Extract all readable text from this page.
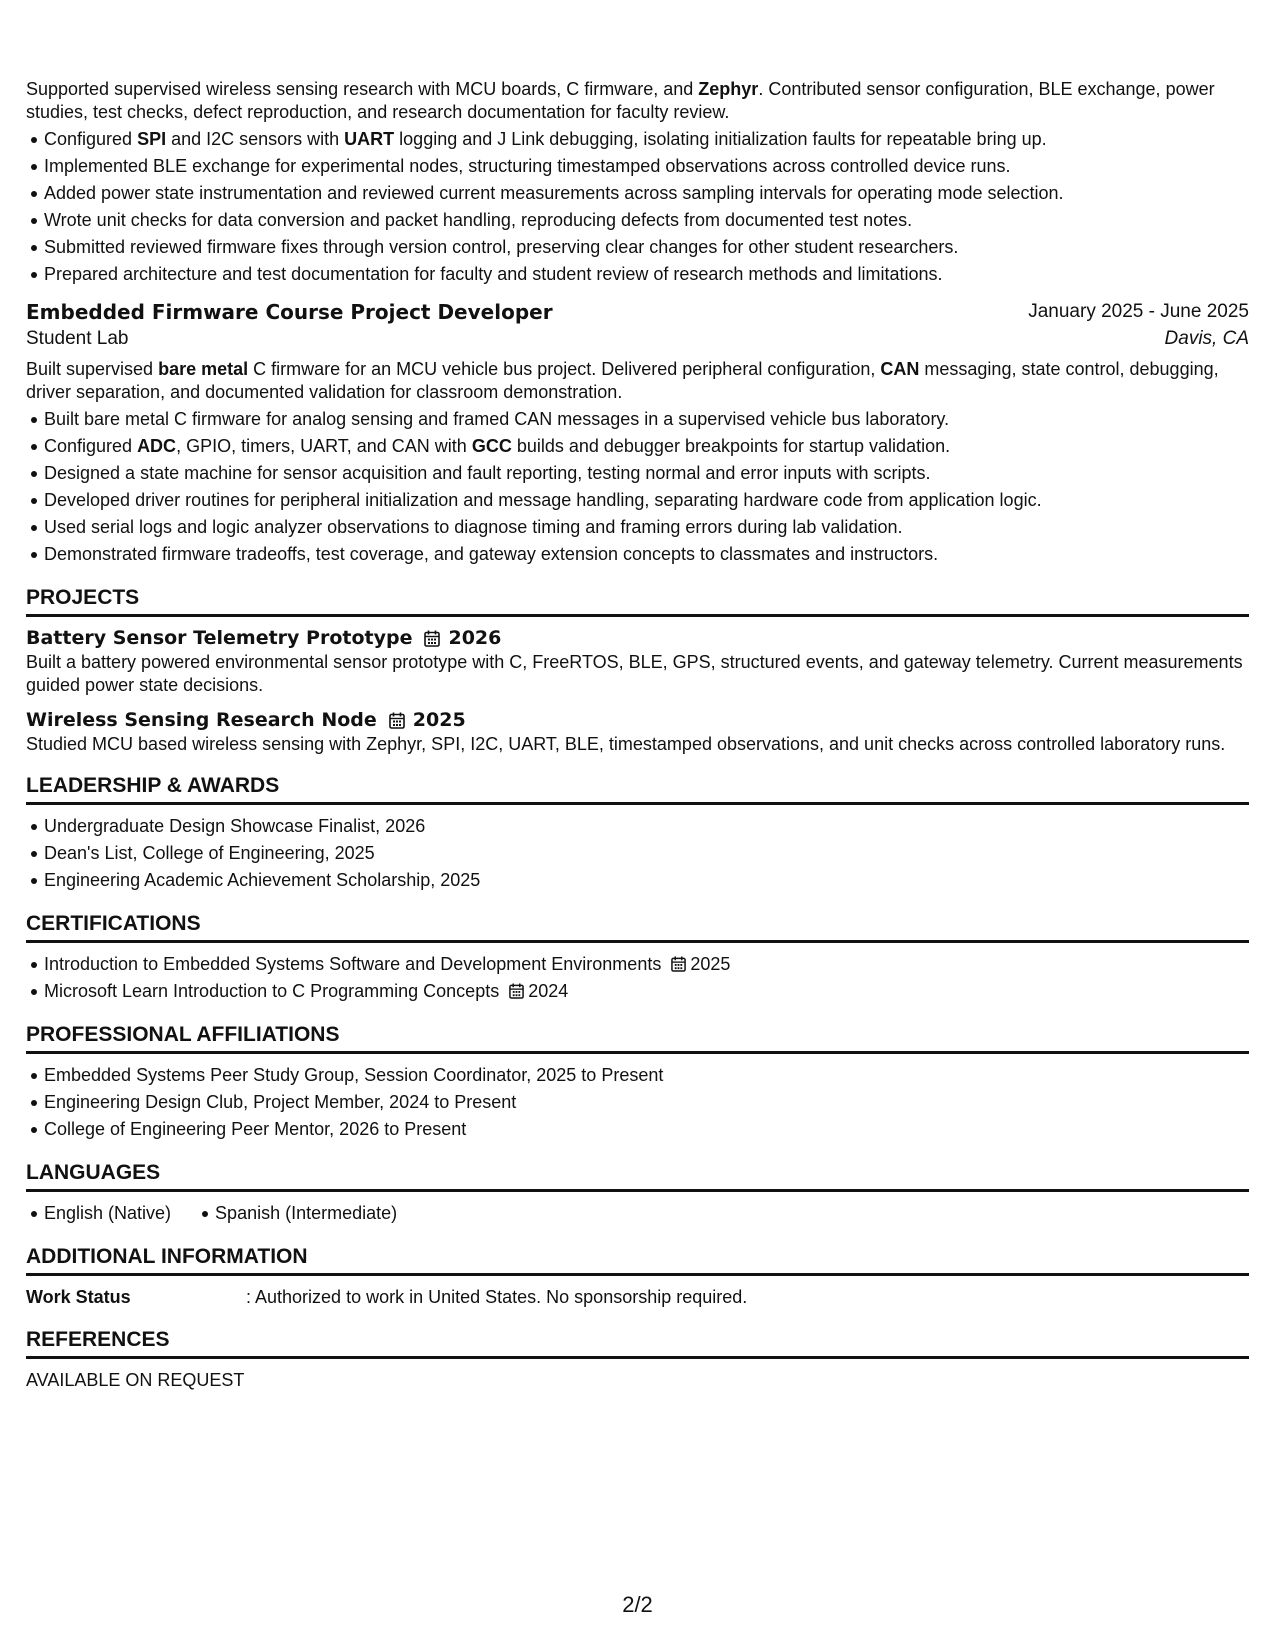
Supported supervised wireless sensing research with MCU boards, C firmware, and Zephyr. Contributed sensor configuration, BLE exchange, power studies, test checks, defect reproduction, and research documentation for faculty review.

Configured SPI and I2C sensors with UART logging and J Link debugging, isolating initialization faults for repeatable bring up.
Implemented BLE exchange for experimental nodes, structuring timestamped observations across controlled device runs.
Added power state instrumentation and reviewed current measurements across sampling intervals for operating mode selection.
Wrote unit checks for data conversion and packet handling, reproducing defects from documented test notes.
Submitted reviewed firmware fixes through version control, preserving clear changes for other student researchers.
Prepared architecture and test documentation for faculty and student review of research methods and limitations.
Embedded Firmware Course Project Developer	January 2025 - June 2025
Student Lab	Davis, CA

Built supervised bare metal C firmware for an MCU vehicle bus project. Delivered peripheral configuration, CAN messaging, state control, debugging, driver separation, and documented validation for classroom demonstration.

Built bare metal C firmware for analog sensing and framed CAN messages in a supervised vehicle bus laboratory.
Configured ADC, GPIO, timers, UART, and CAN with GCC builds and debugger breakpoints for startup validation.
Designed a state machine for sensor acquisition and fault reporting, testing normal and error inputs with scripts.
Developed driver routines for peripheral initialization and message handling, separating hardware code from application logic.
Used serial logs and logic analyzer observations to diagnose timing and framing errors during lab validation.
Demonstrated firmware tradeoffs, test coverage, and gateway extension concepts to classmates and instructors.
PROJECTS
Battery Sensor Telemetry Prototype 2026

Built a battery powered environmental sensor prototype with C, FreeRTOS, BLE, GPS, structured events, and gateway telemetry. Current measurements guided power state decisions.

Wireless Sensing Research Node 2025

Studied MCU based wireless sensing with Zephyr, SPI, I2C, UART, BLE, timestamped observations, and unit checks across controlled laboratory runs.

LEADERSHIP & AWARDS
Undergraduate Design Showcase Finalist, 2026
Dean's List, College of Engineering, 2025
Engineering Academic Achievement Scholarship, 2025
CERTIFICATIONS
Introduction to Embedded Systems Software and Development Environments 2025
Microsoft Learn Introduction to C Programming Concepts 2024
PROFESSIONAL AFFILIATIONS
Embedded Systems Peer Study Group, Session Coordinator, 2025 to Present
Engineering Design Club, Project Member, 2024 to Present
College of Engineering Peer Mentor, 2026 to Present
LANGUAGES
English (Native) Spanish (Intermediate)
ADDITIONAL INFORMATION
Work Status	: Authorized to work in United States. No sponsorship required.
REFERENCES
AVAILABLE ON REQUEST
2/2
